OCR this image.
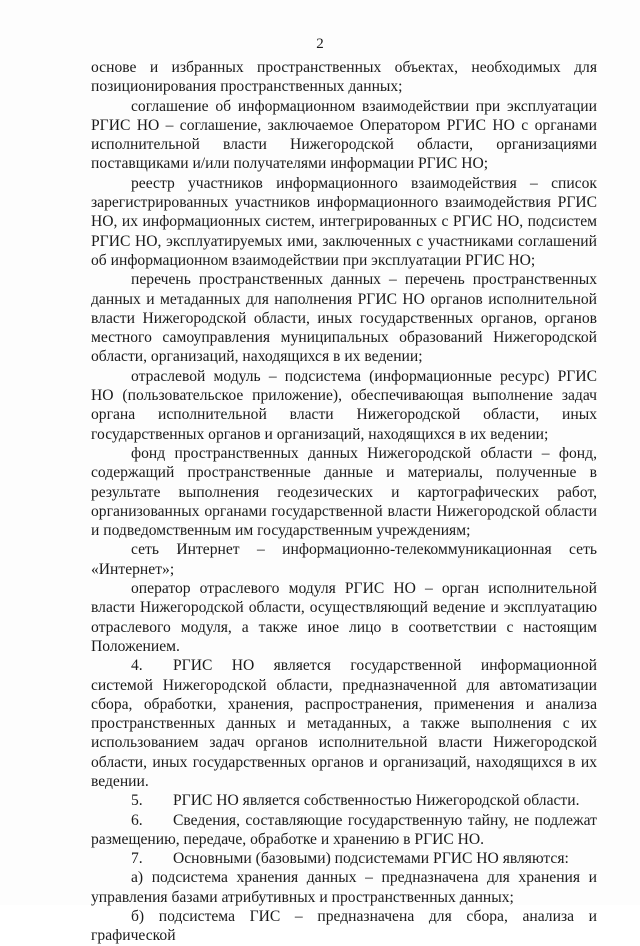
2

основе и избранных пространственных объектах, необходимых для позиционирования пространственных данных;

соглашение об информационном взаимодействии при эксплуатации РГИС НО – соглашение, заключаемое Оператором РГИС НО с органами исполнительной власти Нижегородской области, организациями поставщиками и/или получателями информации РГИС НО;

реестр участников информационного взаимодействия – список зарегистрированных участников информационного взаимодействия РГИС НО, их информационных систем, интегрированных с РГИС НО, подсистем РГИС НО, эксплуатируемых ими, заключенных с участниками соглашений об информационном взаимодействии при эксплуатации РГИС НО;

перечень пространственных данных – перечень пространственных данных и метаданных для наполнения РГИС НО органов исполнительной власти Нижегородской области, иных государственных органов, органов местного самоуправления муниципальных образований Нижегородской области, организаций, находящихся в их ведении;

отраслевой модуль – подсистема (информационные ресурс) РГИС НО (пользовательское приложение), обеспечивающая выполнение задач органа исполнительной власти Нижегородской области, иных государственных органов и организаций, находящихся в их ведении;

фонд пространственных данных Нижегородской области – фонд, содержащий пространственные данные и материалы, полученные в результате выполнения геодезических и картографических работ, организованных органами государственной власти Нижегородской области и подведомственным им государственным учреждениям;

сеть Интернет – информационно-телекоммуникационная сеть «Интернет»;

оператор отраслевого модуля РГИС НО – орган исполнительной власти Нижегородской области, осуществляющий ведение и эксплуатацию отраслевого модуля, а также иное лицо в соответствии с настоящим Положением.

4. РГИС НО является государственной информационной системой Нижегородской области, предназначенной для автоматизации сбора, обработки, хранения, распространения, применения и анализа пространственных данных и метаданных, а также выполнения с их использованием задач органов исполнительной власти Нижегородской области, иных государственных органов и организаций, находящихся в их ведении.

5. РГИС НО является собственностью Нижегородской области.

6. Сведения, составляющие государственную тайну, не подлежат размещению, передаче, обработке и хранению в РГИС НО.

7. Основными (базовыми) подсистемами РГИС НО являются:

а) подсистема хранения данных – предназначена для хранения и управления базами атрибутивных и пространственных данных;

б) подсистема ГИС – предназначена для сбора, анализа и графической
